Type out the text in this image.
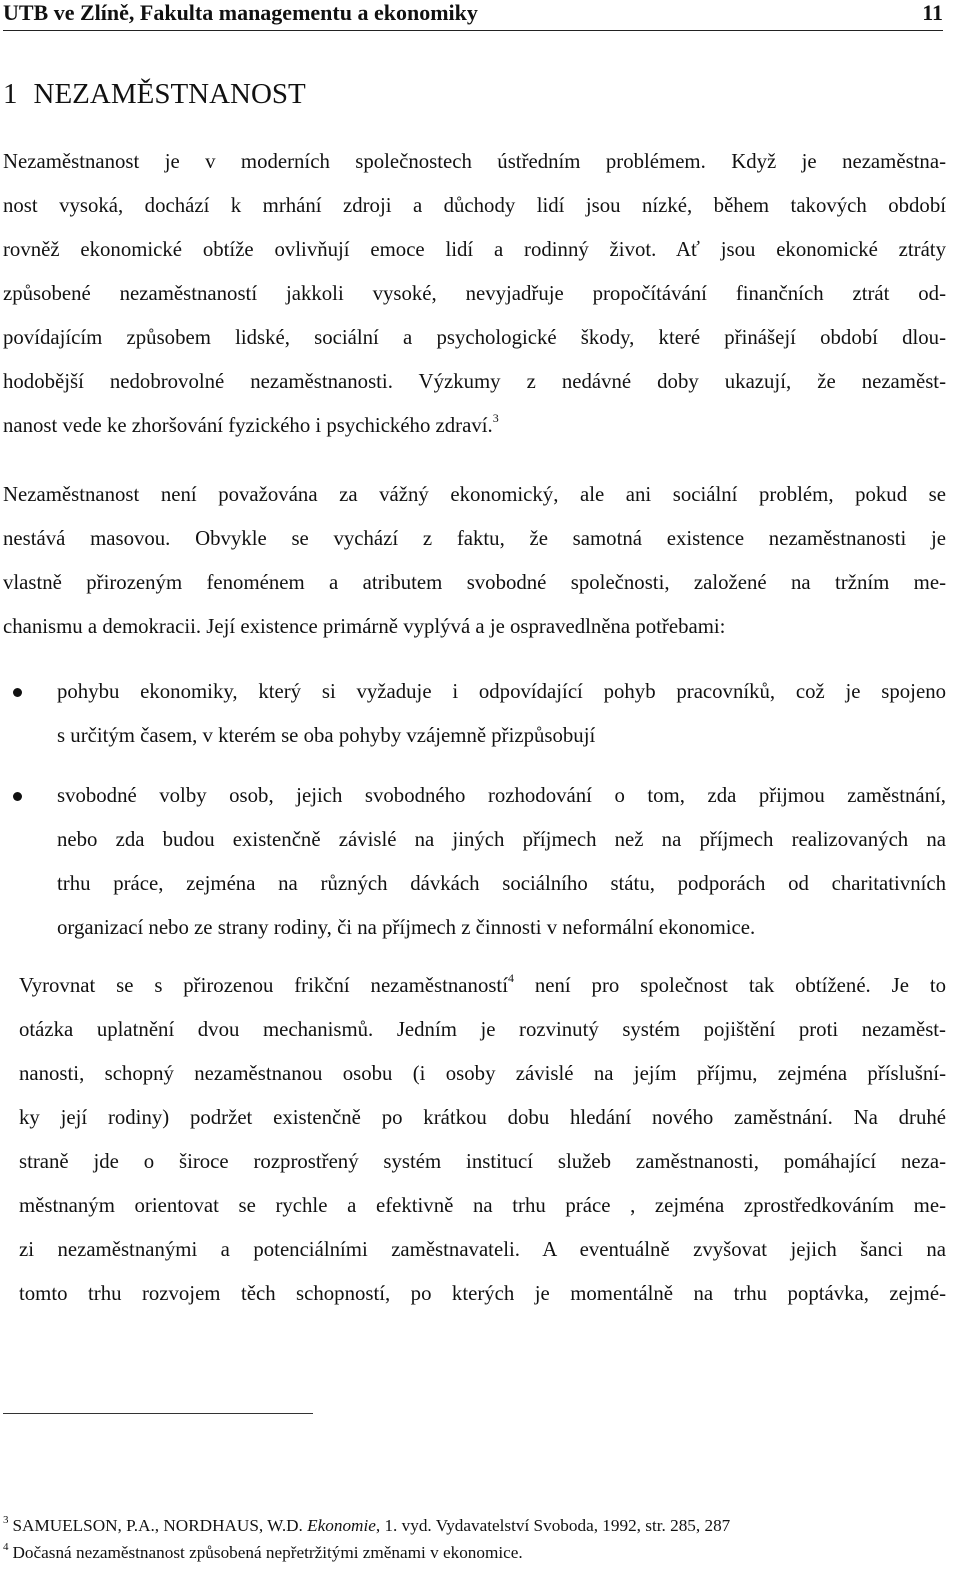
UTB ve Zlíně, Fakulta managementu a ekonomiky	11
1 NEZAMĚSTNANOST

Nezaměstnanost je v moderních společnostech ústředním problémem. Když je nezaměstna-
nost vysoká, dochází k mrhání zdroji a důchody lidí jsou nízké, během takových období
rovněž ekonomické obtíže ovlivňují emoce lidí a rodinný život. Ať jsou ekonomické ztráty
způsobené nezaměstnaností jakkoli vysoké, nevyjadřuje propočítávání finančních ztrát od-
povídajícím způsobem lidské, sociální a psychologické škody, které přinášejí období dlou-
hodobější nedobrovolné nezaměstnanosti. Výzkumy z nedávné doby ukazují, že nezaměst-
nanost vede ke zhoršování fyzického i psychického zdraví.$^3$

Nezaměstnanost není považována za vážný ekonomický, ale ani sociální problém, pokud se
nestává masovou. Obvykle se vychází z faktu, že samotná existence nezaměstnanosti je
vlastně přirozeným fenoménem a atributem svobodné společnosti, založené na tržním me-
chanismu a demokracii. Její existence primárně vyplývá a je ospravedlněna potřebami:

pohybu ekonomiky, který si vyžaduje i odpovídající pohyb pracovníků, což je spojeno
s určitým časem, v kterém se oba pohyby vzájemně přizpůsobují
svobodné volby osob, jejich svobodného rozhodování o tom, zda přijmou zaměstnání,
nebo zda budou existenčně závislé na jiných příjmech než na příjmech realizovaných na
trhu práce, zejména na různých dávkách sociálního státu, podporách od charitativních
organizací nebo ze strany rodiny, či na příjmech z činnosti v neformální ekonomice.

Vyrovnat se s přirozenou frikční nezaměstnaností$^4$ není pro společnost tak obtížené. Je to
otázka uplatnění dvou mechanismů. Jedním je rozvinutý systém pojištění proti nezaměst-
nanosti, schopný nezaměstnanou osobu (i osoby závislé na jejím příjmu, zejména příslušní-
ky její rodiny) podržet existenčně po krátkou dobu hledání nového zaměstnání. Na druhé
straně jde o široce rozprostřený systém institucí služeb zaměstnanosti, pomáhající neza-
městnaným orientovat se rychle a efektivně na trhu práce , zejména zprostředkováním me-
zi nezaměstnanými a potenciálními zaměstnavateli. A eventuálně zvyšovat jejich šanci na
tomto trhu rozvojem těch schopností, po kterých je momentálně na trhu poptávka, zejmé-

$^3$ SAMUELSON, P.A., NORDHAUS, W.D. Ekonomie, 1. vyd. Vydavatelství Svoboda, 1992, str. 285, 287
$^4$ Dočasná nezaměstnanost způsobená nepřetržitými změnami v ekonomice.
